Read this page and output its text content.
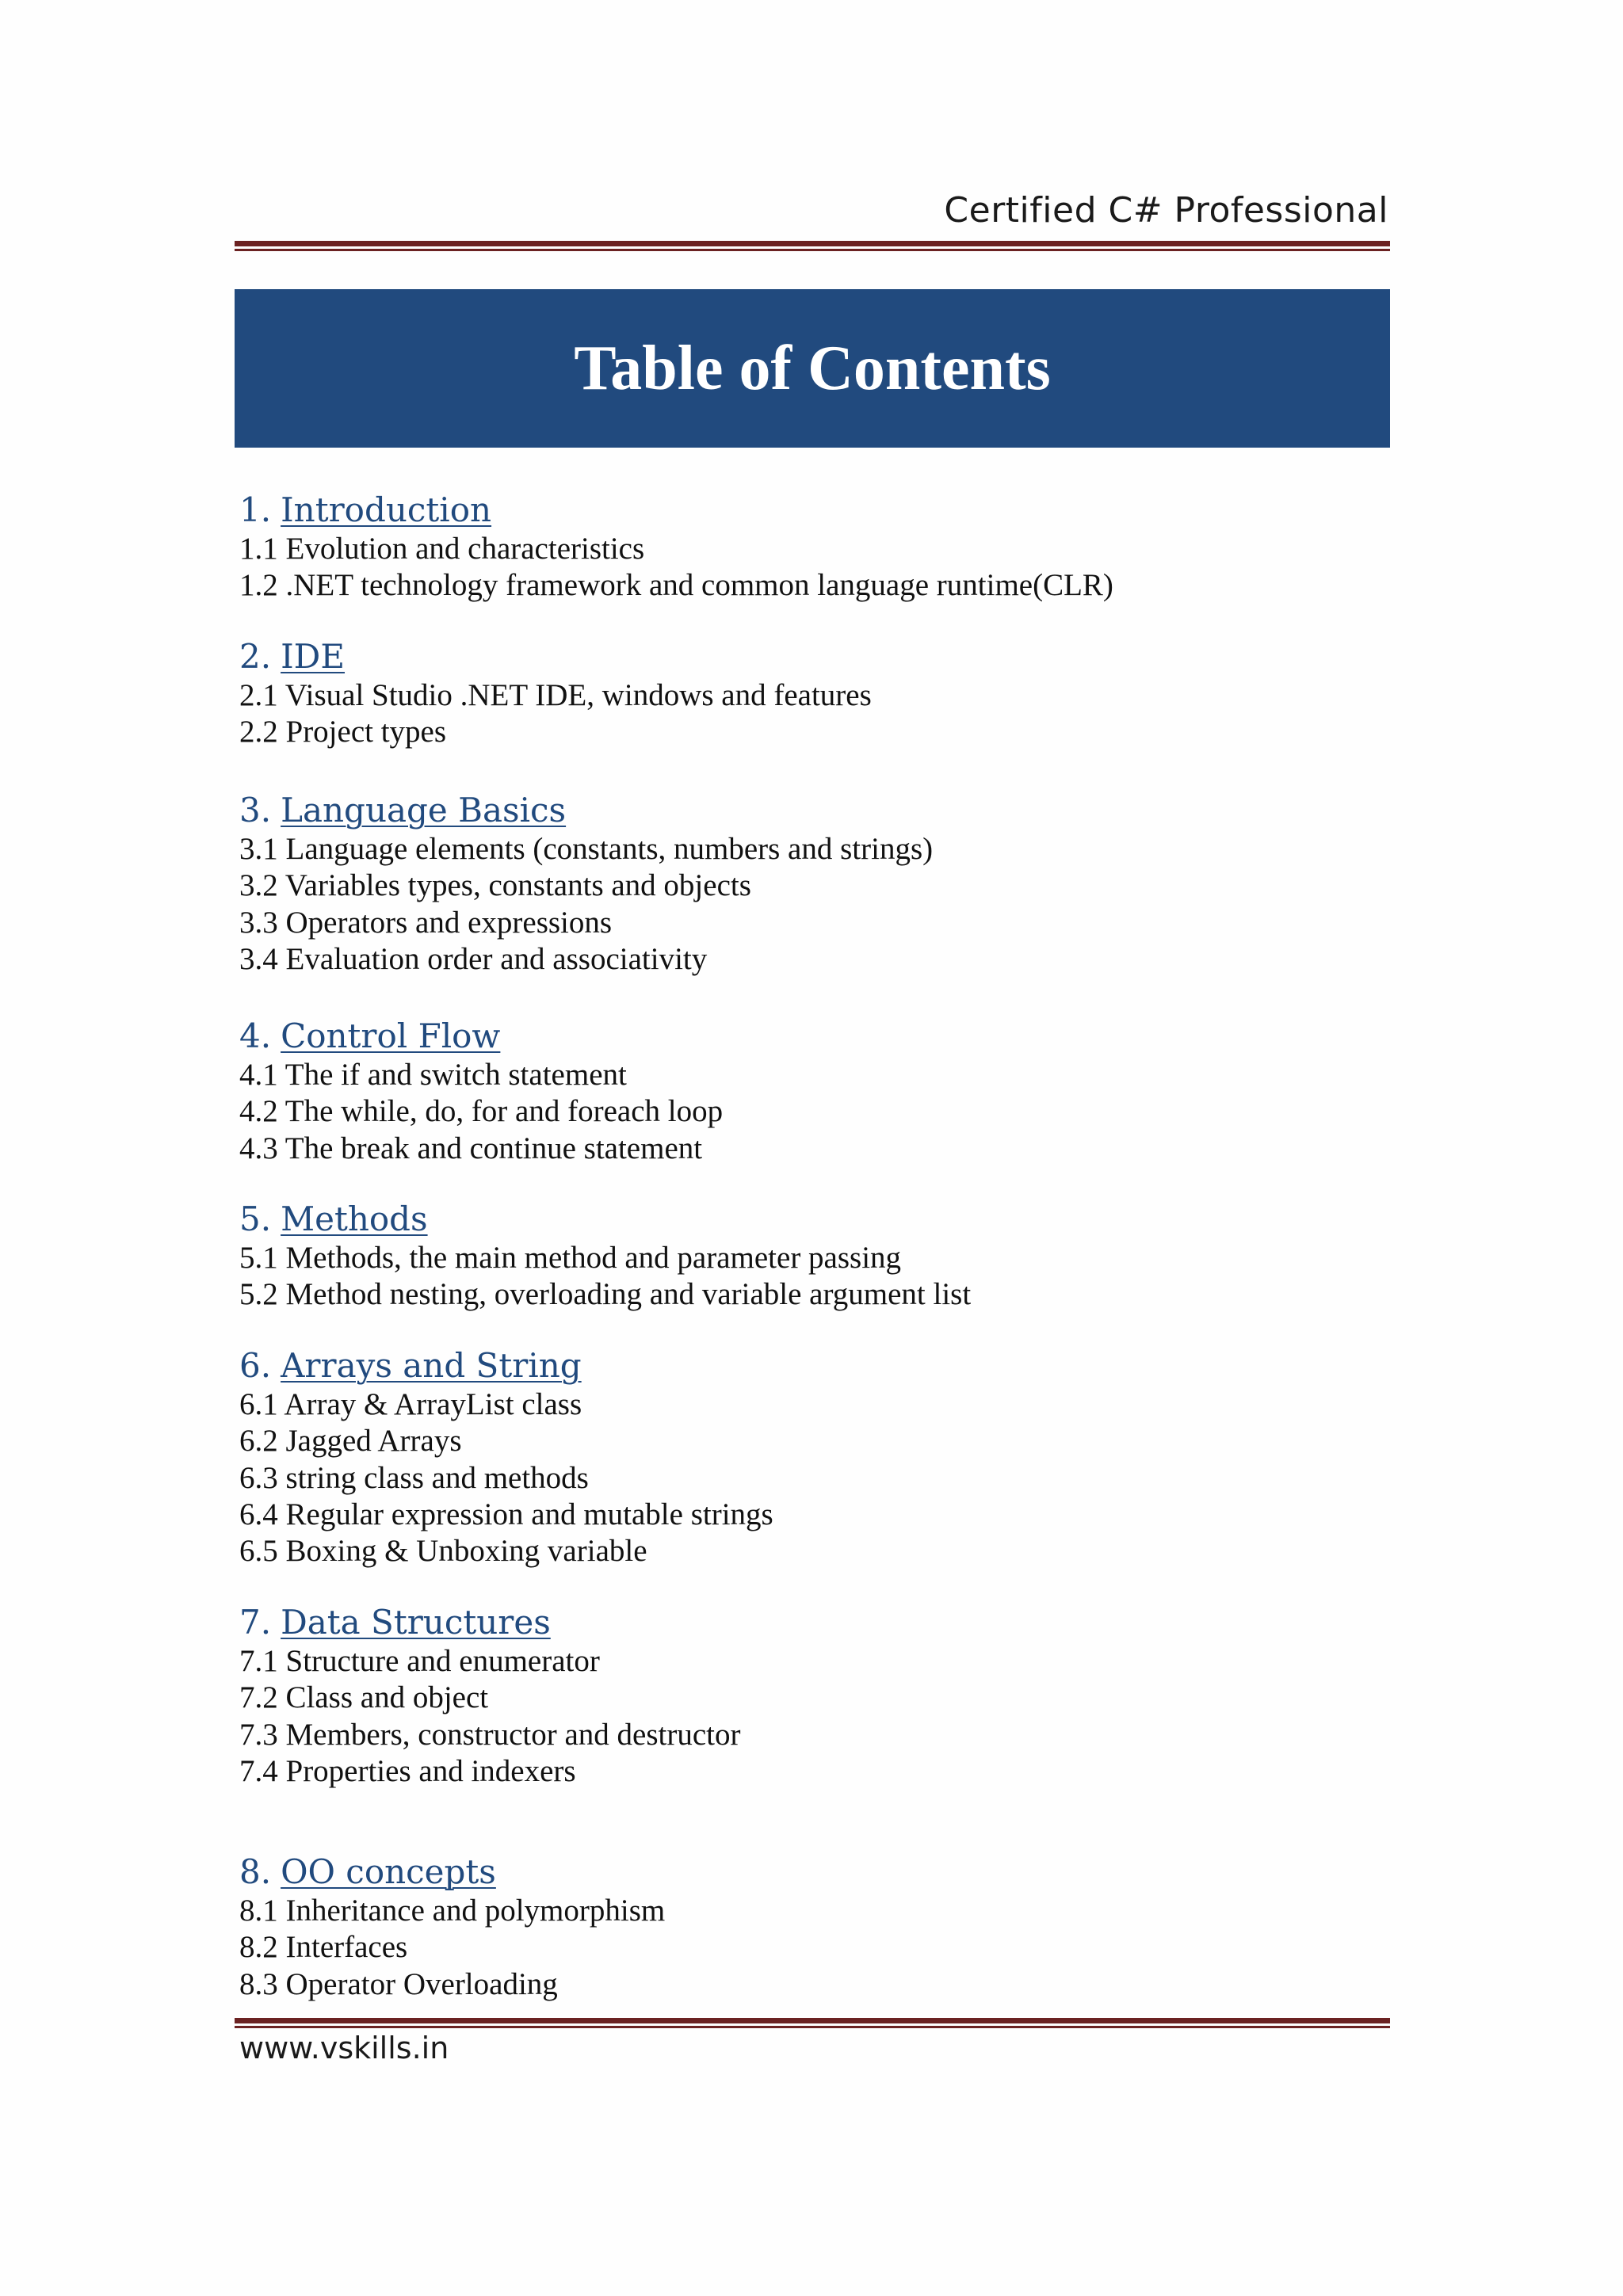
Certified C# Professional
Table of Contents
1. Introduction
1.1 Evolution and characteristics
1.2 .NET technology framework and common language runtime(CLR)
2. IDE
2.1 Visual Studio .NET IDE, windows and features
2.2 Project types
3. Language Basics
3.1 Language elements (constants, numbers and strings)
3.2 Variables types, constants and objects
3.3 Operators and expressions
3.4 Evaluation order and associativity
4. Control Flow
4.1 The if and switch statement
4.2 The while, do, for and foreach loop
4.3 The break and continue statement
5. Methods
5.1 Methods, the main method and parameter passing
5.2 Method nesting, overloading and variable argument list
6. Arrays and String
6.1 Array & ArrayList class
6.2 Jagged Arrays
6.3 string class and methods
6.4 Regular expression and mutable strings
6.5 Boxing & Unboxing variable
7. Data Structures
7.1 Structure and enumerator
7.2 Class and object
7.3 Members, constructor and destructor
7.4 Properties and indexers
8. OO concepts
8.1 Inheritance and polymorphism
8.2 Interfaces
8.3 Operator Overloading
www.vskills.in
